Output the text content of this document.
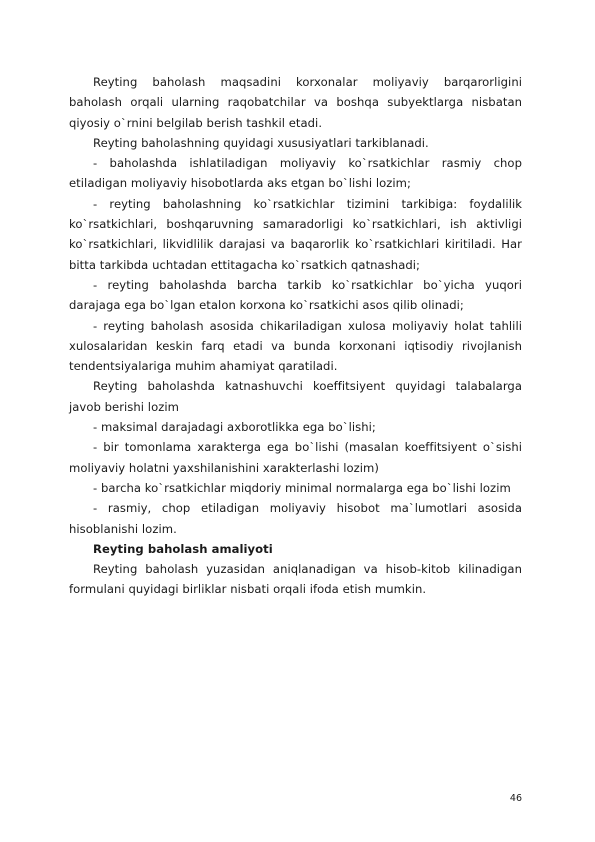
Reyting baholash maqsadini korxonalar moliyaviy barqarorligini baholash orqali ularning raqobatchilar va boshqa subyektlarga nisbatan qiyosiy o`rnini belgilab berish tashkil etadi.

Reyting baholashning quyidagi xususiyatlari tarkiblanadi.

- baholashda ishlatiladigan moliyaviy ko`rsatkichlar rasmiy chop etiladigan moliyaviy hisobotlarda aks etgan bo`lishi lozim;

- reyting baholashning ko`rsatkichlar tizimini tarkibiga: foydalilik ko`rsatkichlari, boshqaruvning samaradorligi ko`rsatkichlari, ish aktivligi ko`rsatkichlari, likvidlilik darajasi va baqarorlik ko`rsatkichlari kiritiladi. Har bitta tarkibda uchtadan ettitagacha ko`rsatkich qatnashadi;

- reyting baholashda barcha tarkib ko`rsatkichlar bo`yicha yuqori darajaga ega bo`lgan etalon korxona ko`rsatkichi asos qilib olinadi;

- reyting baholash asosida chikariladigan xulosa moliyaviy holat tahlili xulosalaridan keskin farq etadi va bunda korxonani iqtisodiy rivojlanish tendentsiyalariga muhim ahamiyat qaratiladi.

Reyting baholashda katnashuvchi koeffitsiyent quyidagi talabalarga javob berishi lozim

- maksimal darajadagi axborotlikka ega bo`lishi;

- bir tomonlama xarakterga ega bo`lishi (masalan koeffitsiyent o`sishi moliyaviy holatni yaxshilanishini xarakterlashi lozim)

- barcha ko`rsatkichlar miqdoriy minimal normalarga ega bo`lishi lozim

- rasmiy, chop etiladigan moliyaviy hisobot ma`lumotlari asosida hisoblanishi lozim.

Reyting baholash amaliyoti

Reyting baholash yuzasidan aniqlanadigan va hisob-kitob kilinadigan formulani quyidagi birliklar nisbati orqali ifoda etish mumkin.

46
